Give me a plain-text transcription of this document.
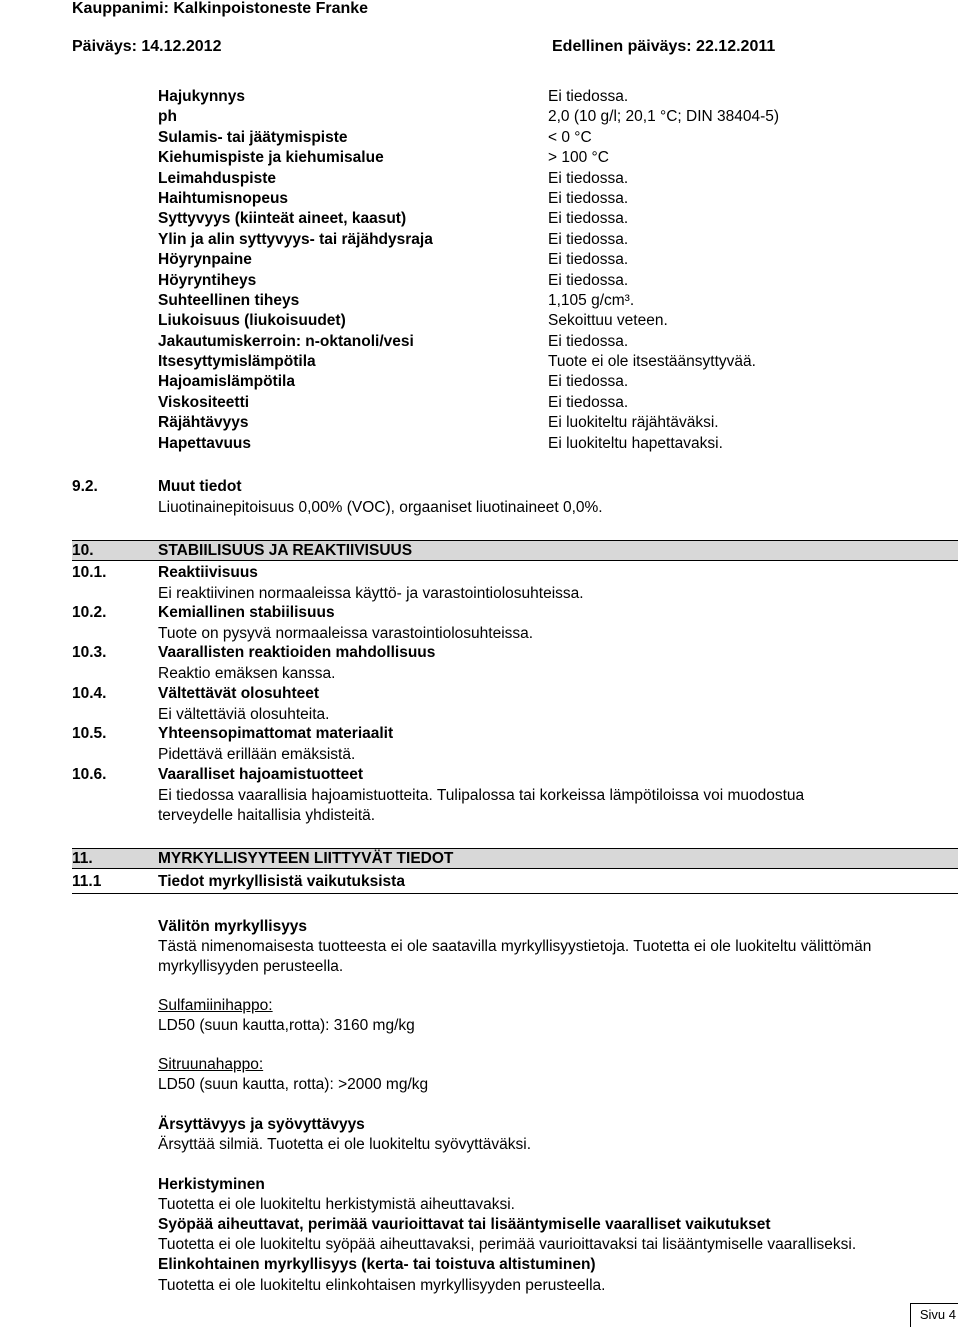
Kauppanimi: Kalkinpoistoneste Franke
Päiväys: 14.12.2012	Edellinen päiväys: 22.12.2011
Hajukynnys	Ei tiedossa.
ph	2,0 (10 g/l; 20,1 °C; DIN 38404-5)
Sulamis- tai jäätymispiste	< 0 °C
Kiehumispiste ja kiehumisalue	> 100 °C
Leimahduspiste	Ei tiedossa.
Haihtumisnopeus	Ei tiedossa.
Syttyvyys (kiinteät aineet, kaasut)	Ei tiedossa.
Ylin ja alin syttyvyys- tai räjähdysraja	Ei tiedossa.
Höyrynpaine	Ei tiedossa.
Höyryntiheys	Ei tiedossa.
Suhteellinen tiheys	1,105 g/cm³.
Liukoisuus (liukoisuudet)	Sekoittuu veteen.
Jakautumiskerroin: n-oktanoli/vesi	Ei tiedossa.
Itsesyttymislämpötila	Tuote ei ole itsestäänsyttyvää.
Hajoamislämpötila	Ei tiedossa.
Viskositeetti	Ei tiedossa.
Räjähtävyys	Ei luokiteltu räjähtäväksi.
Hapettavuus	Ei luokiteltu hapettavaksi.
9.2.	Muut tiedot
Liuotinainepitoisuus 0,00% (VOC), orgaaniset liuotinaineet 0,0%.
10.	STABIILISUUS JA REAKTIIVISUUS
10.1.	Reaktiivisuus
Ei reaktiivinen normaaleissa käyttö- ja varastointiolosuhteissa.
10.2.	Kemiallinen stabiilisuus
Tuote on pysyvä normaaleissa varastointiolosuhteissa.
10.3.	Vaarallisten reaktioiden mahdollisuus
Reaktio emäksen kanssa.
10.4.	Vältettävät olosuhteet
Ei vältettäviä olosuhteita.
10.5.	Yhteensopimattomat materiaalit
Pidettävä erillään emäksistä.
10.6.	Vaaralliset hajoamistuotteet
Ei tiedossa vaarallisia hajoamistuotteita. Tulipalossa tai korkeissa lämpötiloissa voi muodostua
terveydelle haitallisia yhdisteitä.
11.	MYRKYLLISYYTEEN LIITTYVÄT TIEDOT
11.1	Tiedot myrkyllisistä vaikutuksista
Välitön myrkyllisyys
Tästä nimenomaisesta tuotteesta ei ole saatavilla myrkyllisyystietoja. Tuotetta ei ole luokiteltu välittömän
myrkyllisyyden perusteella.
Sulfamiinihappo:
LD50 (suun kautta,rotta): 3160 mg/kg
Sitruunahappo:
LD50 (suun kautta, rotta): >2000 mg/kg
Ärsyttävyys ja syövyttävyys
Ärsyttää silmiä. Tuotetta ei ole luokiteltu syövyttäväksi.
Herkistyminen
Tuotetta ei ole luokiteltu herkistymistä aiheuttavaksi.
Syöpää aiheuttavat, perimää vaurioittavat tai lisääntymiselle vaaralliset vaikutukset
Tuotetta ei ole luokiteltu syöpää aiheuttavaksi, perimää vaurioittavaksi tai lisääntymiselle vaaralliseksi.
Elinkohtainen myrkyllisyys (kerta- tai toistuva altistuminen)
Tuotetta ei ole luokiteltu elinkohtaisen myrkyllisyyden perusteella.
Sivu 4
